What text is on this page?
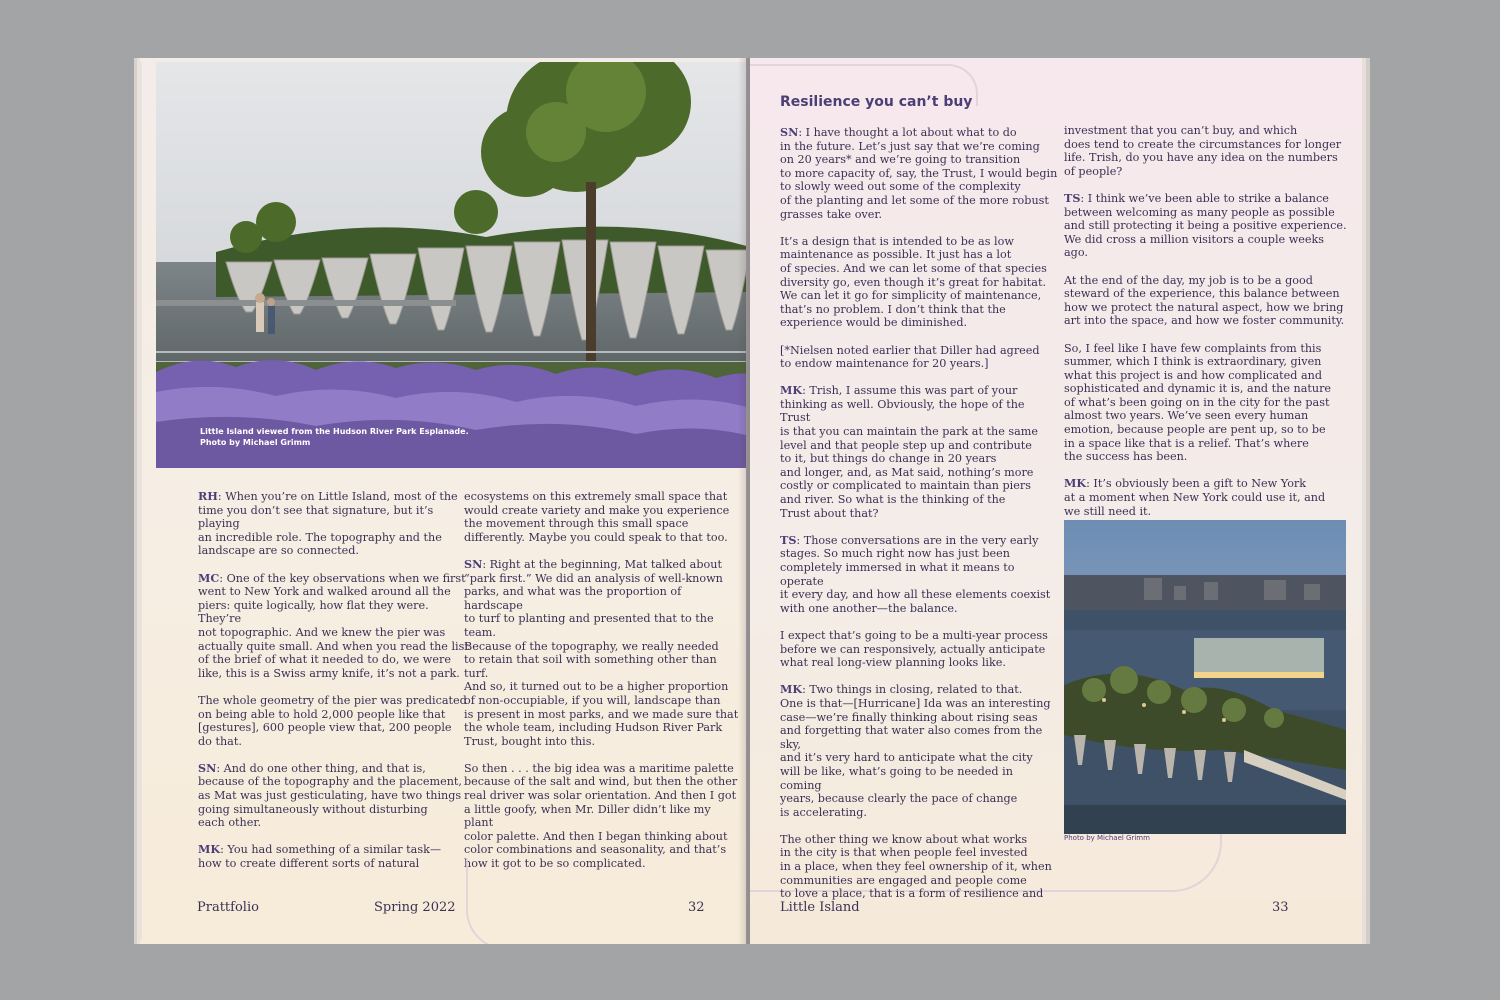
Little Island viewed from the Hudson River Park Esplanade.
Photo by Michael Grimm

RH: When you’re on Little Island, most of the
time you don’t see that signature, but it’s playing
an incredible role. The topography and the
landscape are so connected.

MC: One of the key observations when we first
went to New York and walked around all the
piers: quite logically, how flat they were. They’re
not topographic. And we knew the pier was
actually quite small. And when you read the list
of the brief of what it needed to do, we were
like, this is a Swiss army knife, it’s not a park.

The whole geometry of the pier was predicated
on being able to hold 2,000 people like that
[gestures], 600 people view that, 200 people
do that.

SN: And do one other thing, and that is,
because of the topography and the placement,
as Mat was just gesticulating, have two things
going simultaneously without disturbing
each other.

MK: You had something of a similar task—
how to create different sorts of natural

ecosystems on this extremely small space that
would create variety and make you experience
the movement through this small space
differently. Maybe you could speak to that too.

SN: Right at the beginning, Mat talked about
“park first.” We did an analysis of well-known
parks, and what was the proportion of hardscape
to turf to planting and presented that to the team.
Because of the topography, we really needed
to retain that soil with something other than turf.
And so, it turned out to be a higher proportion
of non-occupiable, if you will, landscape than
is present in most parks, and we made sure that
the whole team, including Hudson River Park
Trust, bought into this.

So then . . . the big idea was a maritime palette
because of the salt and wind, but then the other
real driver was solar orientation. And then I got
a little goofy, when Mr. Diller didn’t like my plant
color palette. And then I began thinking about
color combinations and seasonality, and that’s
how it got to be so complicated.

Prattfolio	Spring 2022	32
Resilience you can’t buy

SN: I have thought a lot about what to do
in the future. Let’s just say that we’re coming
on 20 years* and we’re going to transition
to more capacity of, say, the Trust, I would begin
to slowly weed out some of the complexity
of the planting and let some of the more robust
grasses take over.

It’s a design that is intended to be as low
maintenance as possible. It just has a lot
of species. And we can let some of that species
diversity go, even though it’s great for habitat.
We can let it go for simplicity of maintenance,
that’s no problem. I don’t think that the
experience would be diminished.

[*Nielsen noted earlier that Diller had agreed
to endow maintenance for 20 years.]

MK: Trish, I assume this was part of your
thinking as well. Obviously, the hope of the Trust
is that you can maintain the park at the same
level and that people step up and contribute
to it, but things do change in 20 years
and longer, and, as Mat said, nothing’s more
costly or complicated to maintain than piers
and river. So what is the thinking of the
Trust about that?

TS: Those conversations are in the very early
stages. So much right now has just been
completely immersed in what it means to operate
it every day, and how all these elements coexist
with one another—the balance.

I expect that’s going to be a multi-year process
before we can responsively, actually anticipate
what real long-view planning looks like.

MK: Two things in closing, related to that.
One is that—[Hurricane] Ida was an interesting
case—we’re finally thinking about rising seas
and forgetting that water also comes from the sky,
and it’s very hard to anticipate what the city
will be like, what’s going to be needed in coming
years, because clearly the pace of change
is accelerating.

The other thing we know about what works
in the city is that when people feel invested
in a place, when they feel ownership of it, when
communities are engaged and people come
to love a place, that is a form of resilience and

investment that you can’t buy, and which
does tend to create the circumstances for longer
life. Trish, do you have any idea on the numbers
of people?

TS: I think we’ve been able to strike a balance
between welcoming as many people as possible
and still protecting it being a positive experience.
We did cross a million visitors a couple weeks ago.

At the end of the day, my job is to be a good
steward of the experience, this balance between
how we protect the natural aspect, how we bring
art into the space, and how we foster community.

So, I feel like I have few complaints from this
summer, which I think is extraordinary, given
what this project is and how complicated and
sophisticated and dynamic it is, and the nature
of what’s been going on in the city for the past
almost two years. We’ve seen every human
emotion, because people are pent up, so to be
in a space like that is a relief. That’s where
the success has been.

MK: It’s obviously been a gift to New York
at a moment when New York could use it, and
we still need it.

Photo by Michael Grimm
Little Island	33
